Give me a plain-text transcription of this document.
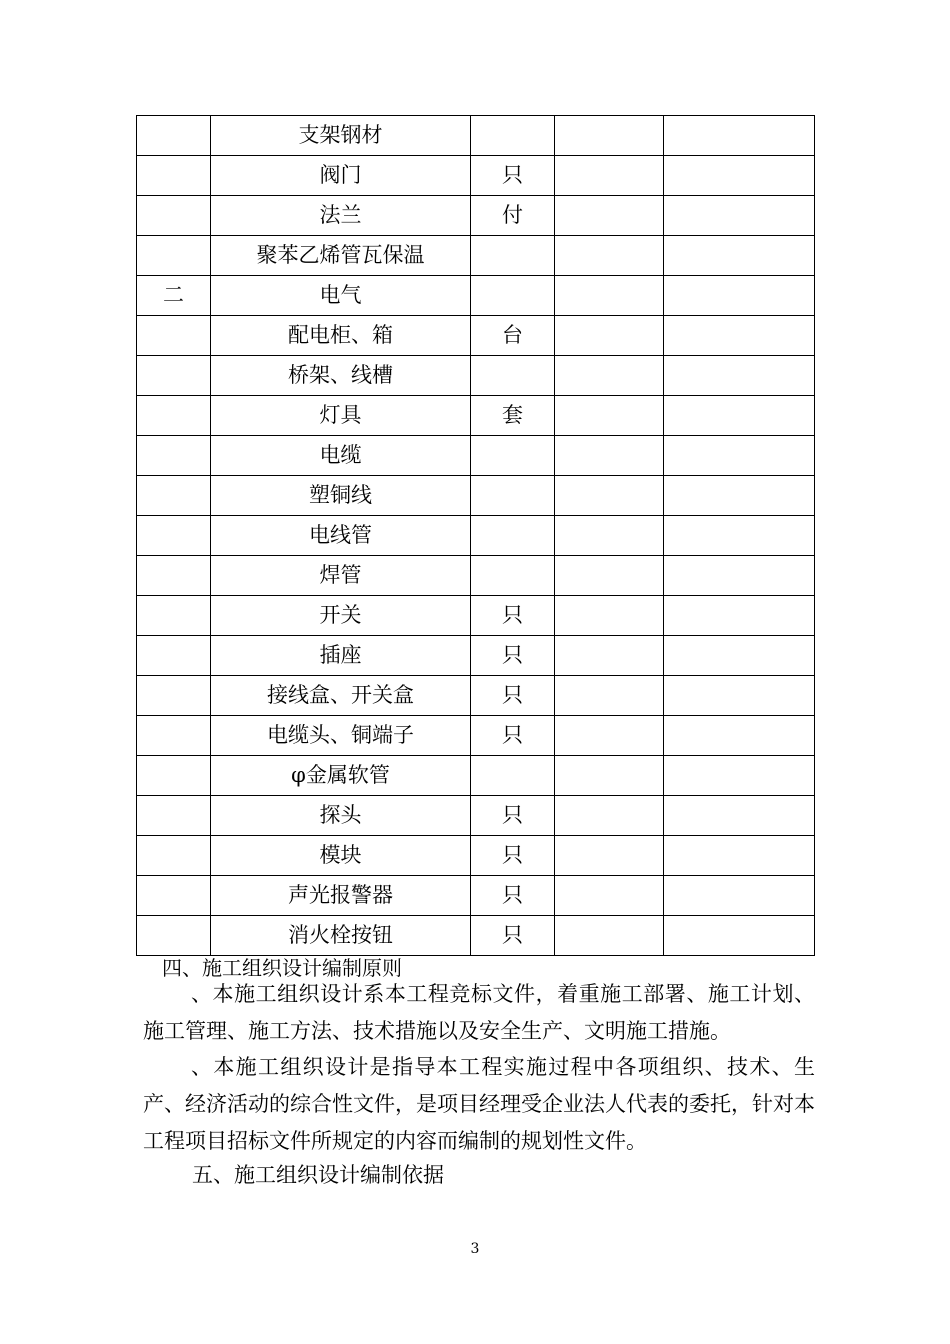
	支架钢材			
	阀门	只		
	法兰	付		
	聚苯乙烯管瓦保温			
二	电气			
	配电柜、箱	台		
	桥架、线槽			
	灯具	套		
	电缆			
	塑铜线			
	电线管			
	焊管			
	开关	只		
	插座	只		
	接线盒、开关盒	只		
	电缆头、铜端子	只		
	φ金属软管			
	探头	只		
	模块	只		
	声光报警器	只		
	消火栓按钮	只		
四、施工组织设计编制原则

、本施工组织设计系本工程竞标文件，着重施工部署、施工计划、施工管理、施工方法、技术措施以及安全生产、文明施工措施。

、本施工组织设计是指导本工程实施过程中各项组织、技术、生产、经济活动的综合性文件，是项目经理受企业法人代表的委托，针对本工程项目招标文件所规定的内容而编制的规划性文件。

五、施工组织设计编制依据
3
